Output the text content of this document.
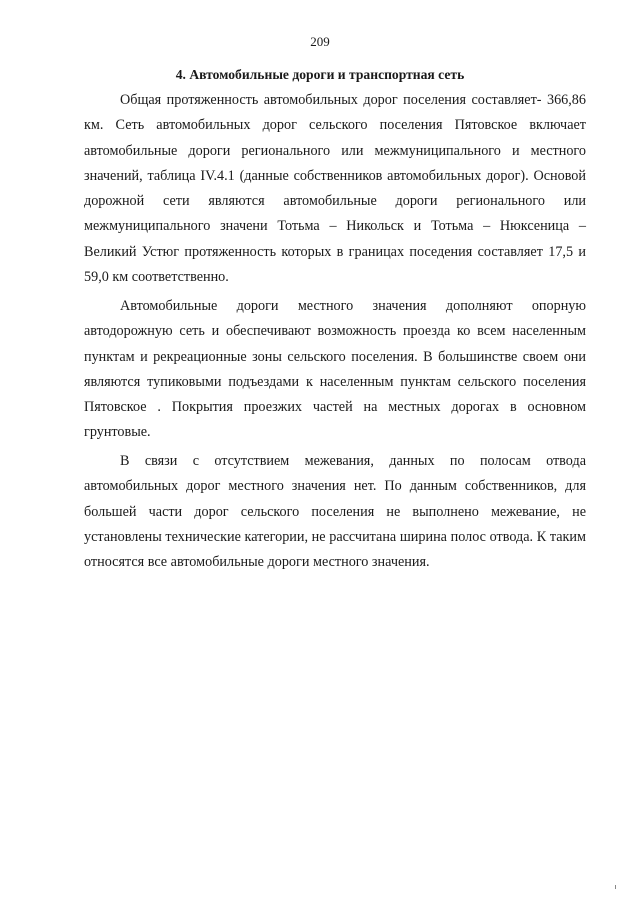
209
4. Автомобильные дороги и транспортная сеть

Общая протяженность автомобильных дорог поселения составляет- 366,86 км. Сеть автомобильных дорог сельского поселения Пятовское включает автомобильные дороги регионального или межмуниципального и местного значений, таблица IV.4.1 (данные собственников автомобильных дорог). Основой дорожной сети являются автомобильные дороги регионального или межмуниципального значени Тотьма – Никольск и Тотьма – Нюксеница – Великий Устюг протяженность которых в границах поседения составляет 17,5 и 59,0 км соответственно.

Автомобильные дороги местного значения дополняют опорную автодорожную сеть и обеспечивают возможность проезда ко всем населенным пунктам и рекреационные зоны сельского поселения. В большинстве своем они являются тупиковыми подъездами к населенным пунктам сельского поселения Пятовское . Покрытия проезжих частей на местных дорогах в основном грунтовые.

В связи с отсутствием межевания, данных по полосам отвода автомобильных дорог местного значения нет. По данным собственников, для большей части дорог сельского поселения не выполнено межевание, не установлены технические категории, не рассчитана ширина полос отвода. К таким относятся все автомобильные дороги местного значения.
